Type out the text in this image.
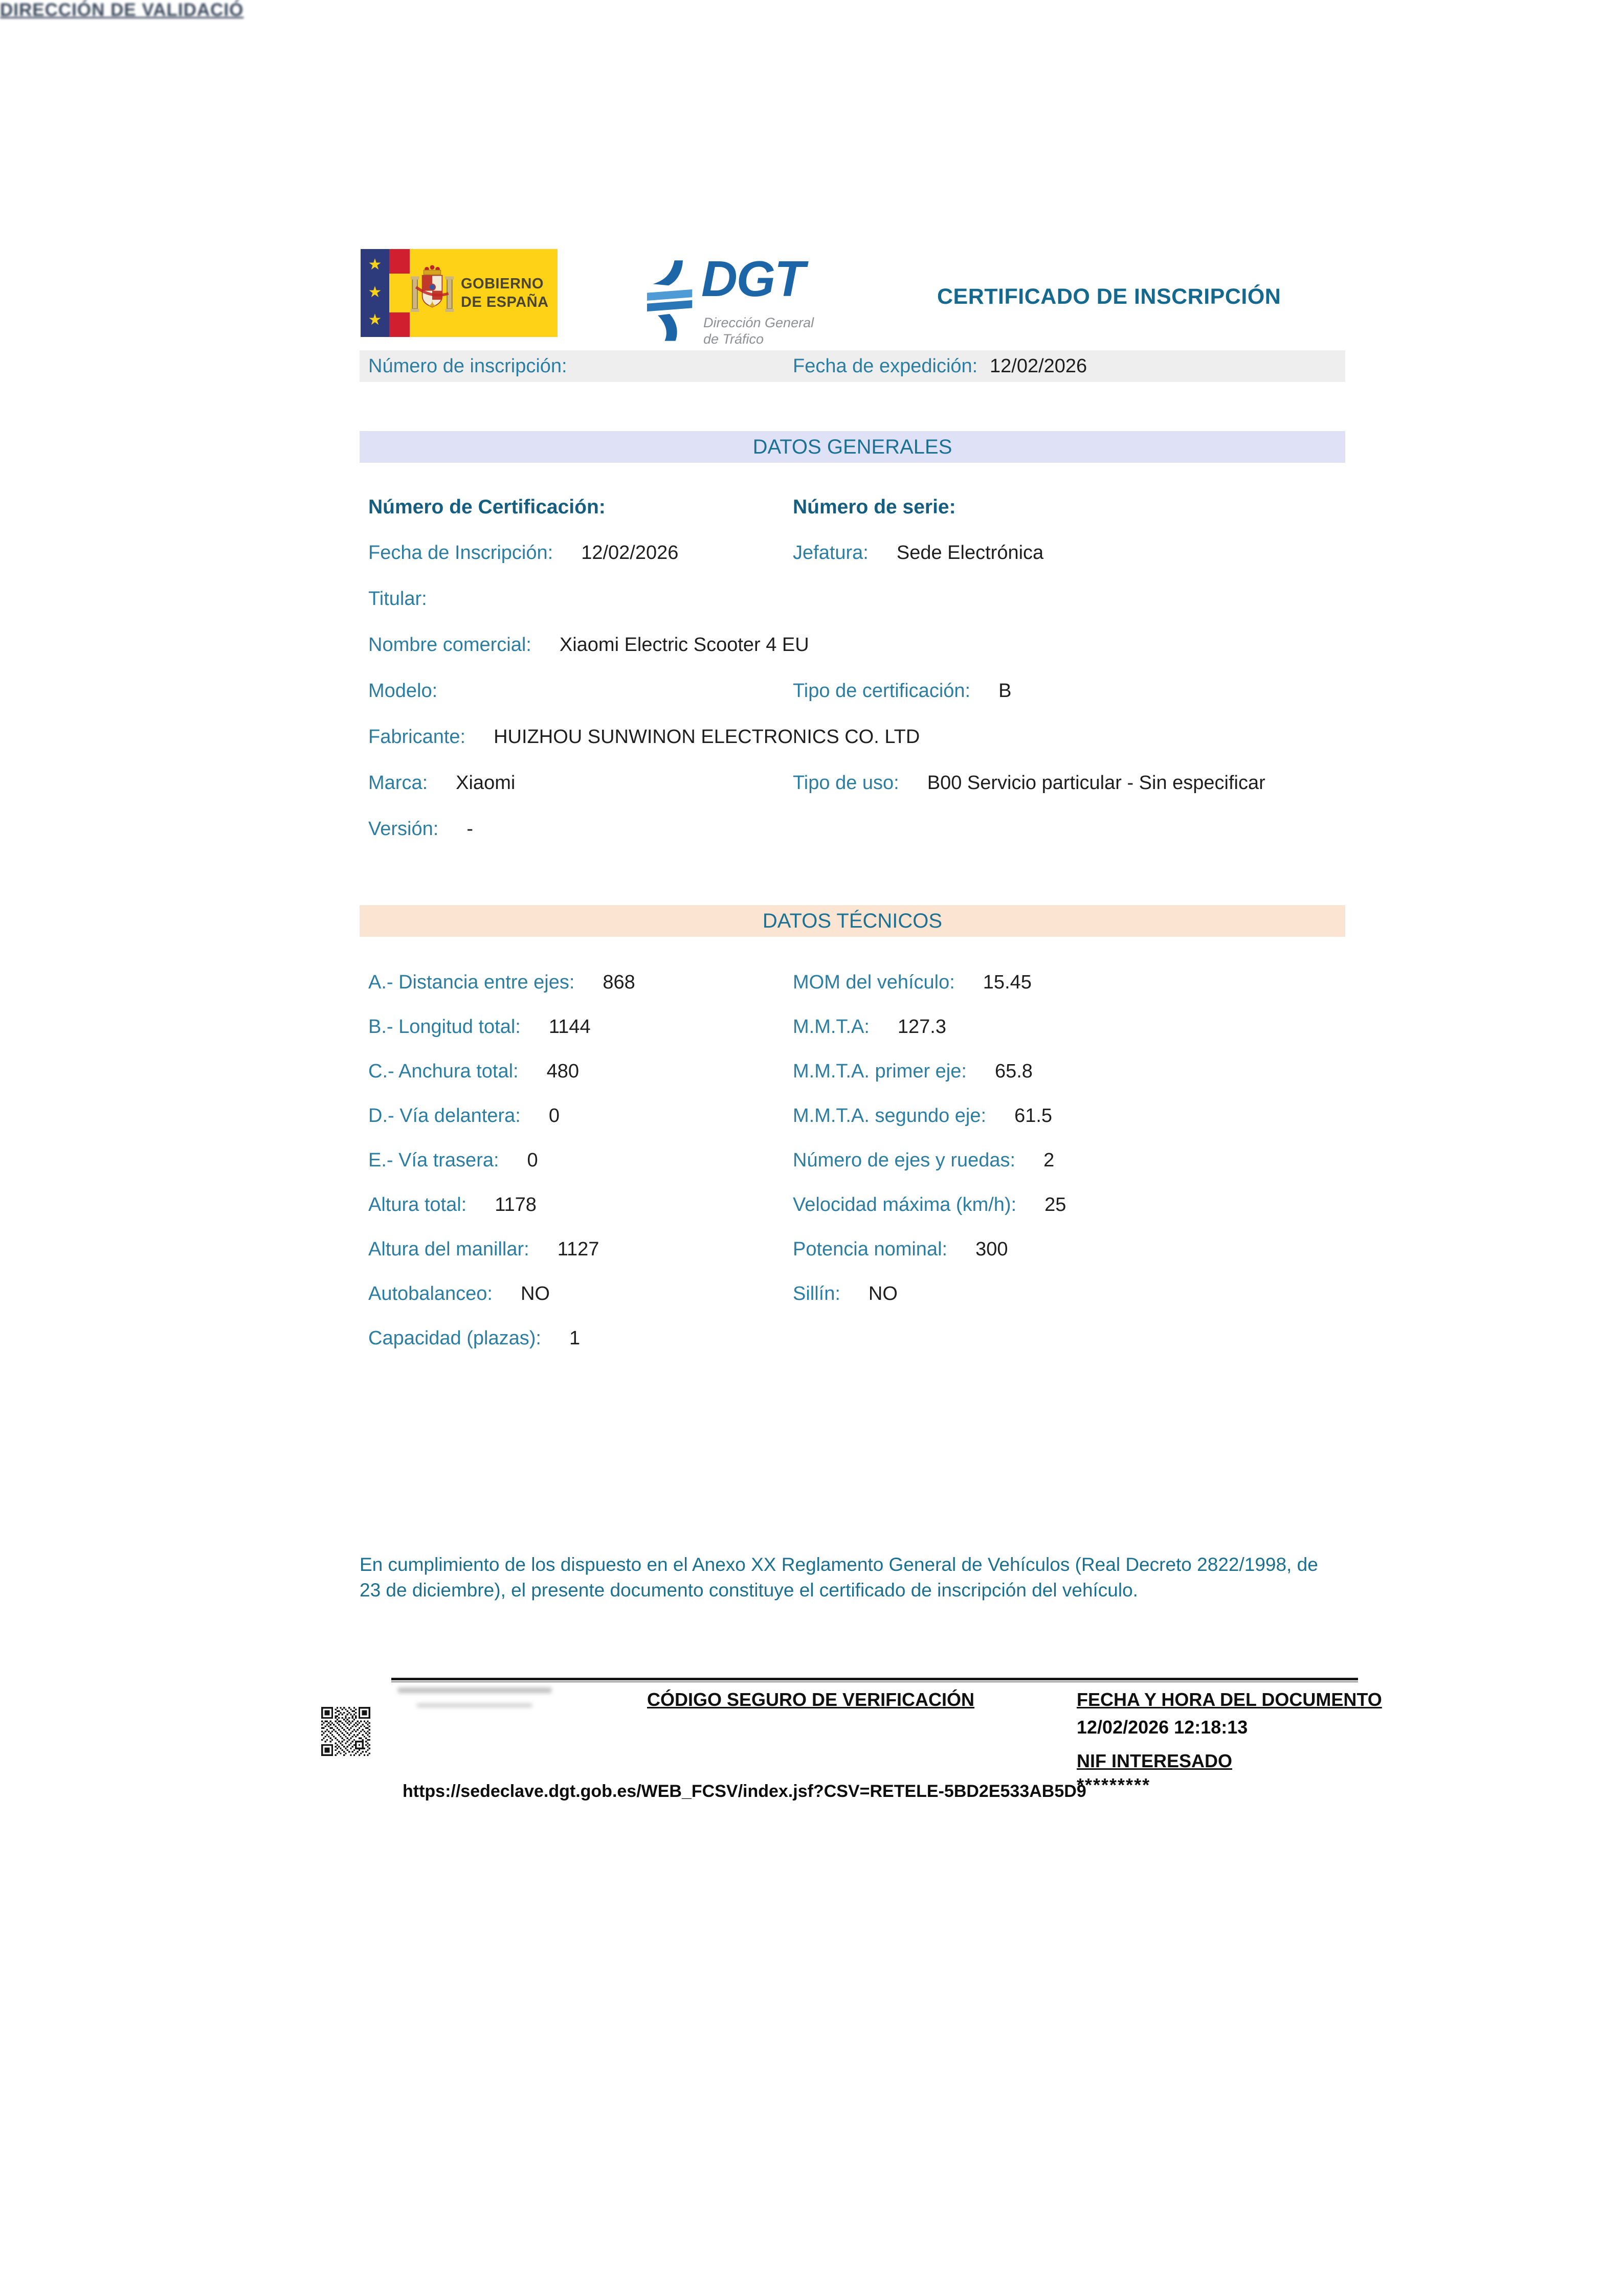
★
★
★
GOBIERNO
DE ESPAÑA	DGT
Dirección General
de Tráfico
CERTIFICADO DE INSCRIPCIÓN
Número de inscripción:	Fecha de expedición: 12/02/2026
DATOS GENERALES
Número de Certificación:	Número de serie:
Fecha de Inscripción: 12/02/2026	Jefatura: Sede Electrónica
Titular:
Nombre comercial: Xiaomi Electric Scooter 4 EU
Modelo:	Tipo de certificación: B
Fabricante: HUIZHOU SUNWINON ELECTRONICS CO. LTD
Marca: Xiaomi	Tipo de uso: B00 Servicio particular - Sin especificar
Versión: -
DATOS TÉCNICOS
A.- Distancia entre ejes: 868	MOM del vehículo: 15.45
B.- Longitud total: 1144	M.M.T.A: 127.3
C.- Anchura total: 480	M.M.T.A. primer eje: 65.8
D.- Vía delantera: 0	M.M.T.A. segundo eje: 61.5
E.- Vía trasera: 0	Número de ejes y ruedas: 2
Altura total: 1178	Velocidad máxima (km/h): 25
Altura del manillar: 1127	Potencia nominal: 300
Autobalanceo: NO	Sillín: NO
Capacidad (plazas): 1
En cumplimiento de los dispuesto en el Anexo XX Reglamento General de Vehículos (Real Decreto 2822/1998, de 23 de diciembre), el presente documento constituye el certificado de inscripción del vehículo.
CÓDIGO SEGURO DE VERIFICACIÓN	FECHA Y HORA DEL DOCUMENTO
12/02/2026 12:18:13
DIRECCIÓN DE VALIDACIÓ
https://sedeclave.dgt.gob.es/WEB_FCSV/index.jsf?CSV=RETELE-5BD2E533AB5D9
NIF INTERESADO
*********
